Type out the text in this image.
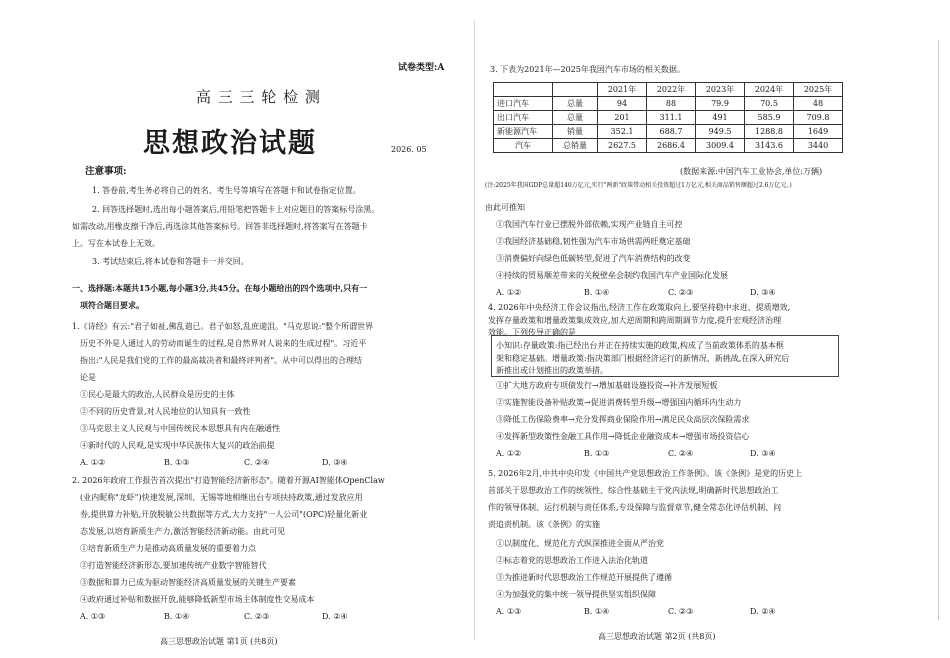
试卷类型:A
高 三 三 轮 检 测
思想政治试题	2026. 05
注意事项:
1. 答卷前,考生务必将自己的姓名、考生号等填写在答题卡和试卷指定位置。
2. 回答选择题时,选出每小题答案后,用铅笔把答题卡上对应题目的答案标号涂黑。
如需改动,用橡皮擦干净后,再选涂其他答案标号。回答非选择题时,将答案写在答题卡
上。写在本试卷上无效。
3. 考试结束后,将本试卷和答题卡一并交回。
一、选择题:本题共15小题,每小题3分,共45分。在每小题给出的四个选项中,只有一
项符合题目要求。
1.《诗经》有云:"君子如祉,佛乱遄已。君子如怒,乱庶遄沮。"马克思说:"整个所谓世界
历史不外是人通过人的劳动而诞生的过程,是自然界对人说来的生成过程"。习近平
指出:"人民是我们党的工作的最高裁决者和最终评判者"。从中可以得出的合理结
论是
①民心是最大的政治,人民群众是历史的主体
②不同的历史背景,对人民地位的认知具有一致性
③马克思主义人民观与中国传统民本思想具有内在融通性
④新时代的人民观,是实现中华民族伟大复兴的政治前提
A. ①②	B. ①③	C. ②④	D. ③④
2. 2026年政府工作报告首次提出"打造智能经济新形态"。随着开源AI智能体OpenClaw
(业内昵称"龙虾")快速发展,深圳、无锡等地相继出台专项扶持政策,通过发放应用
券,提供算力补贴,开放脱敏公共数据等方式,大力支持"一人公司"(OPC)轻量化新业
态发展,以培育新质生产力,激活智能经济新动能。由此可见
①培育新质生产力是推动高质量发展的重要着力点
②打造智能经济新形态,要加速传统产业数字智能替代
③数据和算力已成为驱动智能经济高质量发展的关键生产要素
④政府通过补贴和数据开放,能够降低新型市场主体制度性交易成本
A. ①③	B. ①④	C. ②③	D. ②④
高三思想政治试题 第1页 (共8页)
3. 下表为2021年—2025年我国汽车市场的相关数据。
		2021年	2022年	2023年	2024年	2025年
进口汽车	总量	94	88	79.9	70.5	48
出口汽车	总量	201	311.1	491	585.9	709.8
新能源汽车	销量	352.1	688.7	949.5	1288.8	1649
汽车	总销量	2627.5	2686.4	3009.4	3143.6	3440
(数据来源:中国汽车工业协会,单位:万辆)
(注:2025年我国GDP总量超140万亿元,实行"两新"政策带动相关投资超过1万亿元,相关商品销售额超过2.6万亿元。)
由此可推知
①我国汽车行业已摆脱外部依赖,实现产业链自主可控
②我国经济基础稳,韧性强为汽车市场供需两旺奠定基础
③消费偏好向绿色低碳转型,促进了汽车消费结构的改变
④持续的贸易顺差带来的关税壁垒会制约我国汽车产业国际化发展
A. ①②	B. ①④	C. ②③	D. ③④
4. 2026年中央经济工作会议指出,经济工作在政策取向上,要坚持稳中求进、提质增效,
发挥存量政策和增量政策集成效应,加大逆周期和跨周期调节力度,提升宏观经济治理
效能。下列传导正确的是
小知识:存量政策:指已经出台并正在持续实施的政策,构成了当前政策体系的基本框
架和稳定基础。增量政策:指决策部门根据经济运行的新情况、新挑战,在深入研究后
新推出或计划推出的政策举措。
①扩大地方政府专项债发行→增加基础设施投资→补齐发展短板
②实施智能设备补贴政策→促进消费转型升级→增强国内循环内生动力
③降低工伤保险费率→充分发挥商业保险作用→满足民众高层次保险需求
④发挥新型政策性金融工具作用→降低企业融资成本→增强市场投资信心
A. ①②	B. ①③	C. ②④	D. ③④
5. 2026年2月,中共中央印发《中国共产党思想政治工作条例》。该《条例》是党的历史上
首部关于思想政治工作的统领性、综合性基础主干党内法规,明确新时代思想政治工
作的领导体制、运行机制与责任体系,专设保障与监督章节,健全常态化评估机制、问
责追责机制。该《条例》的实施
①以制度化、规范化方式纵深推进全面从严治党
②标志着党的思想政治工作进入法治化轨道
③为推进新时代思想政治工作规范开展提供了遵循
④为加强党的集中统一领导提供坚实组织保障
A. ①③	B. ①④	C. ②③	D. ②④
高三思想政治试题 第2页 (共8页)
